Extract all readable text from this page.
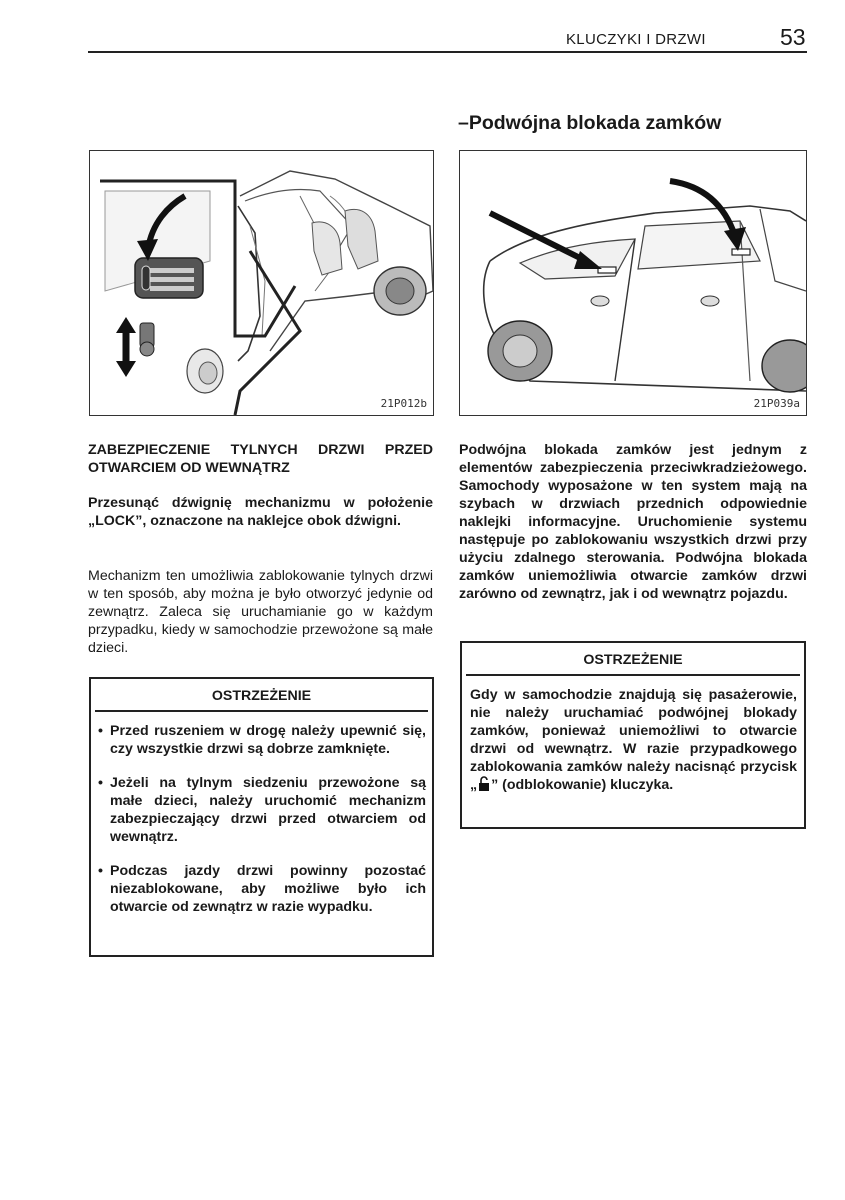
KLUCZYKI I DRZWI	53
–Podwójna blokada zamków
21P012b	21P039a
ZABEZPIECZENIE TYLNYCH DRZWI PRZED OTWARCIEM OD WEWNĄTRZ
Przesunąć dźwignię mechanizmu w położenie „LOCK”, oznaczone na naklejce obok dźwigni.
Mechanizm ten umożliwia zablokowanie tylnych drzwi w ten sposób, aby można je było otworzyć jedynie od zewnątrz. Zaleca się uruchamianie go w każdym przypadku, kiedy w samochodzie przewożone są małe dzieci.
OSTRZEŻENIE
• Przed ruszeniem w drogę należy upewnić się, czy wszystkie drzwi są dobrze zamknięte.
• Jeżeli na tylnym siedzeniu przewożone są małe dzieci, należy uruchomić mechanizm zabezpieczający drzwi przed otwarciem od wewnątrz.
• Podczas jazdy drzwi powinny pozostać niezablokowane, aby możliwe było ich otwarcie od zewnątrz w razie wypadku.
Podwójna blokada zamków jest jednym z elementów zabezpieczenia przeciwkradzieżowego. Samochody wyposażone w ten system mają na szybach w drzwiach przednich odpowiednie naklejki informacyjne. Uruchomienie systemu następuje po zablokowaniu wszystkich drzwi przy użyciu zdalnego sterowania. Podwójna blokada zamków uniemożliwia otwarcie zamków drzwi zarówno od zewnątrz, jak i od wewnątrz pojazdu.
OSTRZEŻENIE
Gdy w samochodzie znajdują się pasażerowie, nie należy uruchamiać podwójnej blokady zamków, ponieważ uniemożliwi to otwarcie drzwi od wewnątrz. W razie przypadkowego zablokowania zamków należy nacisnąć przycisk „ ” (odblokowanie) kluczyka.
